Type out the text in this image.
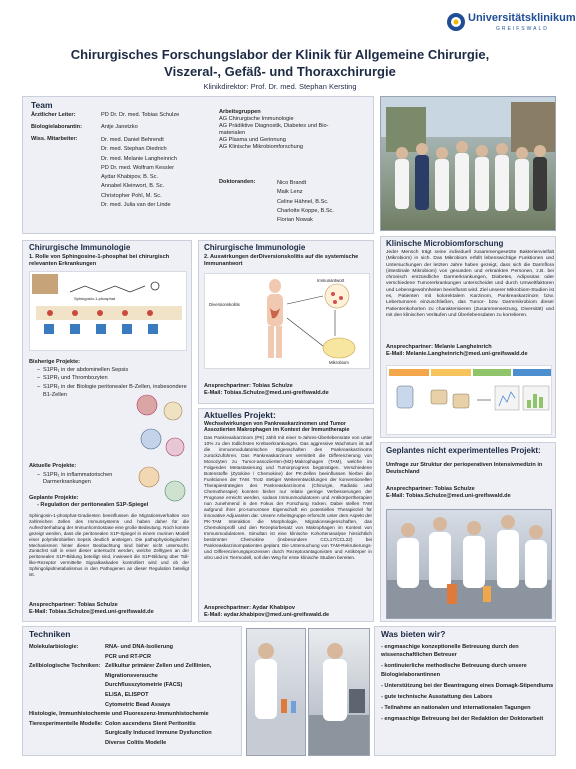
Universitätsklinikum
GREIFSWALD
Chirurgisches Forschungslabor der Klinik für Allgemeine Chirurgie,
Viszeral-, Gefäß- und Thoraxchirurgie
Klinikdirektor: Prof. Dr. med. Stephan Kersting
Team
Ärztlicher Leiter:	PD Dr. Dr. med. Tobias Schulze
Biologielaborantin:	Antje Janetzko
Wiss. Mitarbeiter:	Dr. med. Daniel Behrendt
Dr. med. Stephan Diedrich
Dr. med. Melanie Langheinrich
PD Dr. med. Wolfram Kessler
Aydar Khabipov, B. Sc.
Annabel Kleinwort, B. Sc.
Christopher Pohl, M. Sc.
Dr. med. Julia van der Linde
Arbeitsgruppen
AG Chirurgische Immunologie
AG Prädiktive Diagnostik, Diabetes und Bio-
materialen
AG Plasma und Gerinnung
AG Klinische Mikrobiomforschung
Doktoranden:	Nico Brandt
Maik Lenz
Celine Hähnel, B.Sc.
Charlotte Koppe, B.Sc.
Florian Nowak
Chirurgische Immunologie
1. Rolle von Sphingosine-1-phosphat bei chirurgisch relevanten Erkrankungen
Sphingosin-1-phosphat
Bisherige Projekte:
– S1PR₁ in der abdominellen Sepsis
– S1PR₁ und Thrombozyten
– S1PR₁ in der Biologie peritonealer B-Zellen, insbesondere B1-Zellen
Aktuelle Projekte:
– S1PR₁ in inflammatorischen Darmerkrankungen
Geplante Projekte:
- Regulation der peritonealen S1P-Spiegel
Sphingosin-1-phosphat-Gradienten beeinflussen die Migrationsverhalten von zahlreichen Zellen des Immunsystems und haben daher für die Aufrechterhaltung der Immunhomöostase eine große Bedeutung. Noch konnte gezeigt werden, dass die peritonealen S1P-Spiegel in einem murinen Modell einer polymikrobiellen Sepsis deutlich ansteigen. Die pathophysiologischen Mechanismen hinter dieser Beobachtung sind bisher nicht untersucht. Zunächst soll in einer dieser untersucht werden, welche Zelltypen an der peritonealen S1P-Bildung beteiligt sind, inwieweit die S1P-Bildung über Toll-like-Rezeptor vermittelte Signalkaskaden kontrolliert wird und ob der Sphingolipidmetabolismus in den Pathogenen an dieser Regulation beteiligt ist.
Ansprechpartner: Tobias Schulze
E-Mail: Tobias.Schulze@med.uni-greifswald.de
Chirurgische Immunologie
2. Auswirkungen derDiversionskolitis auf die systemische Immunantwort
Diversionskolitis
Immunantwort
Mikrobiom
Ansprechpartner: Tobias Schulze
E-Mail: Tobias.Schulze@med.uni-greifswald.de
Aktuelles Projekt:
Wechselwirkungen von Pankreaskarzinomen und Tumor Assoziierten Makrophagen im Kontext der Immuntherapie
Das Pankreaskarzinom (PK) zählt mit einer 5-Jahres-Überlebensrate von unter 10% zu den tödlichsten Krebserkrankungen. Das aggressive Wachstum ist auf die immunmodulatorischen Eigenschaften des Pankreaskarzinoms zurückzuführen. Das Pankreaskarzinom vermittelt die Differenzierung von Monozyten zu Tumor-assoziierten-(M2)-Makrophagen (TAM), welche im Folgenden Metastasierung und Tumorprogress begünstigen. Verschiedene Botenstoffe (Zytokine / Chemokine) der PK-Zellen beeinflussen hierbei die Funktionen der TAM. Trotz stetiger Weiterentwicklungen der konventionellen Therapiestrategien des Pankreaskarzinoms (Chirurgie, Radiatio und Chemotherapie) konnten bisher nur relativ geringe Verbesserungen der Prognose erreicht werden, sodass Immunmodulatoren und Antikörpertherapien nun zunehmend in den Fokus der Forschung rücken. Dabei stellen TAM aufgrund ihrer pro-tumorösen Eigenschaft ein potentielles Therapieziel für innovative Adjuvanten dar. Unsere Arbeitsgruppe erforscht unter dem Aspekt der PK-TAM Interaktion die Morphologie, Migrationseigenschaften, das Chemokinprofil und den Rezeptorbesatz von Makrophagen im Kontext von Immunmodulatoren. Simultan ist eine klinische Kohortenanalyse hinsichtlich bestimmter Chemokine (insbesondere CCL17/CCL22) bei Pankreaskarzinompatienten geplant. Die Untersuchung von TAM-Rekrutierungs- und Differenzierungsprozessen durch Rezeptorantagonisten und Antikörper in vitro und im Tiermodell, soll den Weg für erste klinische Studien bereiten.
Ansprechpartner: Aydar Khabipov
E-Mail: aydar.khabipov@med.uni-greifswald.de
Klinische Microbiomforschung
Jeder Mensch trägt seine individuell zusammengesetzte Bakterienvielfalt (Mikrobiom) in sich. Das Mikrobiom erfüllt lebenswichtige Funktionen und Untersuchungen der letzten Jahre haben gezeigt, dass sich die Darmflora (intestinale Mikrobiom) von gesunden und erkrankten Personen, z.B. bei chronisch entzündliche Darmerkrankungen, Diabetes, Adipositas oder verschiedene Tumorerkrankungen unterscheidet und durch Umweltfaktoren und Lebensgewohnheiten beeinflusst wird. Ziel unserer Mikrobiom-Studien ist es, Patienten mit kolorektalem Karzinom, Pankreaskarzinom bzw. Lebertumoren einzuschließen, das Tumor- bzw. Darmmikrobiom dieser Patientenkohorten zu charakterisieren (Zusammensetzung, Diversität) und mit den klinischen Verläufen und Überlebensdaten zu korrelieren.
Ansprechpartner: Melanie Langheinrich
E-Mail: Melanie.Langheinrich@med.uni-greifswald.de
Geplantes nicht experimentelles Projekt:
Umfrage zur Struktur der perioperativen Intensivmedizin in Deutschland
Ansprechpartner: Tobias Schulze
E-Mail: Tobias.Schulze@med.uni-greifswald.de
Techniken
Molekularbiologie:	RNA- und DNA-Isolierung
PCR und RT-PCR
Zellbiologische Techniken: Zellkultur primärer Zellen und Zelllinien,
Migrationsversuche
Durchflusszytometrie (FACS)
ELISA, ELISPOT
Cytometric Bead Assays
Histologie, Immunhistochemie und Fluoreszenz-Immunhistochemie
Tierexperimentelle Modelle: Colon ascendens Stent Peritonitis
Surgically Induced Immune Dysfunction
Diverse Colitis Modelle
Was bieten wir?
- engmaschige konzeptionelle Betreuung durch den wissenschaftlichen Betreuer
- kontinuierliche methodische Betreuung durch unsere Biologielaborantinnen
- Unterstützung bei der Beantragung eines Domagk-Stipendiums
- gute technische Ausstattung des Labors
- Teilnahme an nationalen und internationalen Tagungen
- engmaschige Betreuung bei der Redaktion der Doktorarbeit
